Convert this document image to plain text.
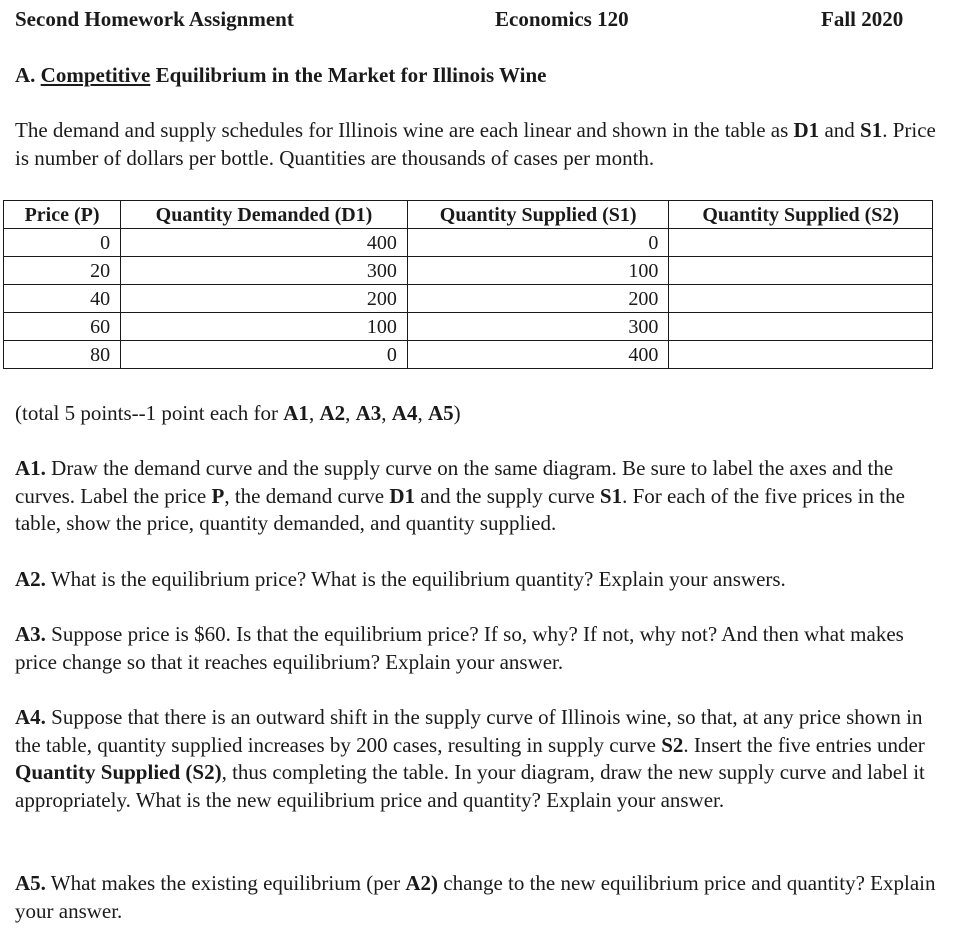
Second Homework Assignment	Economics 120	Fall 2020
A. Competitive Equilibrium in the Market for Illinois Wine
The demand and supply schedules for Illinois wine are each linear and shown in the table as D1 and S1. Price is number of dollars per bottle. Quantities are thousands of cases per month.
Price (P)	Quantity Demanded (D1)	Quantity Supplied (S1)	Quantity Supplied (S2)
0	400	0	
20	300	100	
40	200	200	
60	100	300	
80	0	400	
(total 5 points--1 point each for A1, A2, A3, A4, A5)
A1. Draw the demand curve and the supply curve on the same diagram. Be sure to label the axes and the curves. Label the price P, the demand curve D1 and the supply curve S1. For each of the five prices in the table, show the price, quantity demanded, and quantity supplied.
A2. What is the equilibrium price? What is the equilibrium quantity? Explain your answers.
A3. Suppose price is $60. Is that the equilibrium price? If so, why? If not, why not? And then what makes price change so that it reaches equilibrium? Explain your answer.
A4. Suppose that there is an outward shift in the supply curve of Illinois wine, so that, at any price shown in the table, quantity supplied increases by 200 cases, resulting in supply curve S2. Insert the five entries under Quantity Supplied (S2), thus completing the table. In your diagram, draw the new supply curve and label it appropriately. What is the new equilibrium price and quantity? Explain your answer.
A5. What makes the existing equilibrium (per A2) change to the new equilibrium price and quantity? Explain your answer.
